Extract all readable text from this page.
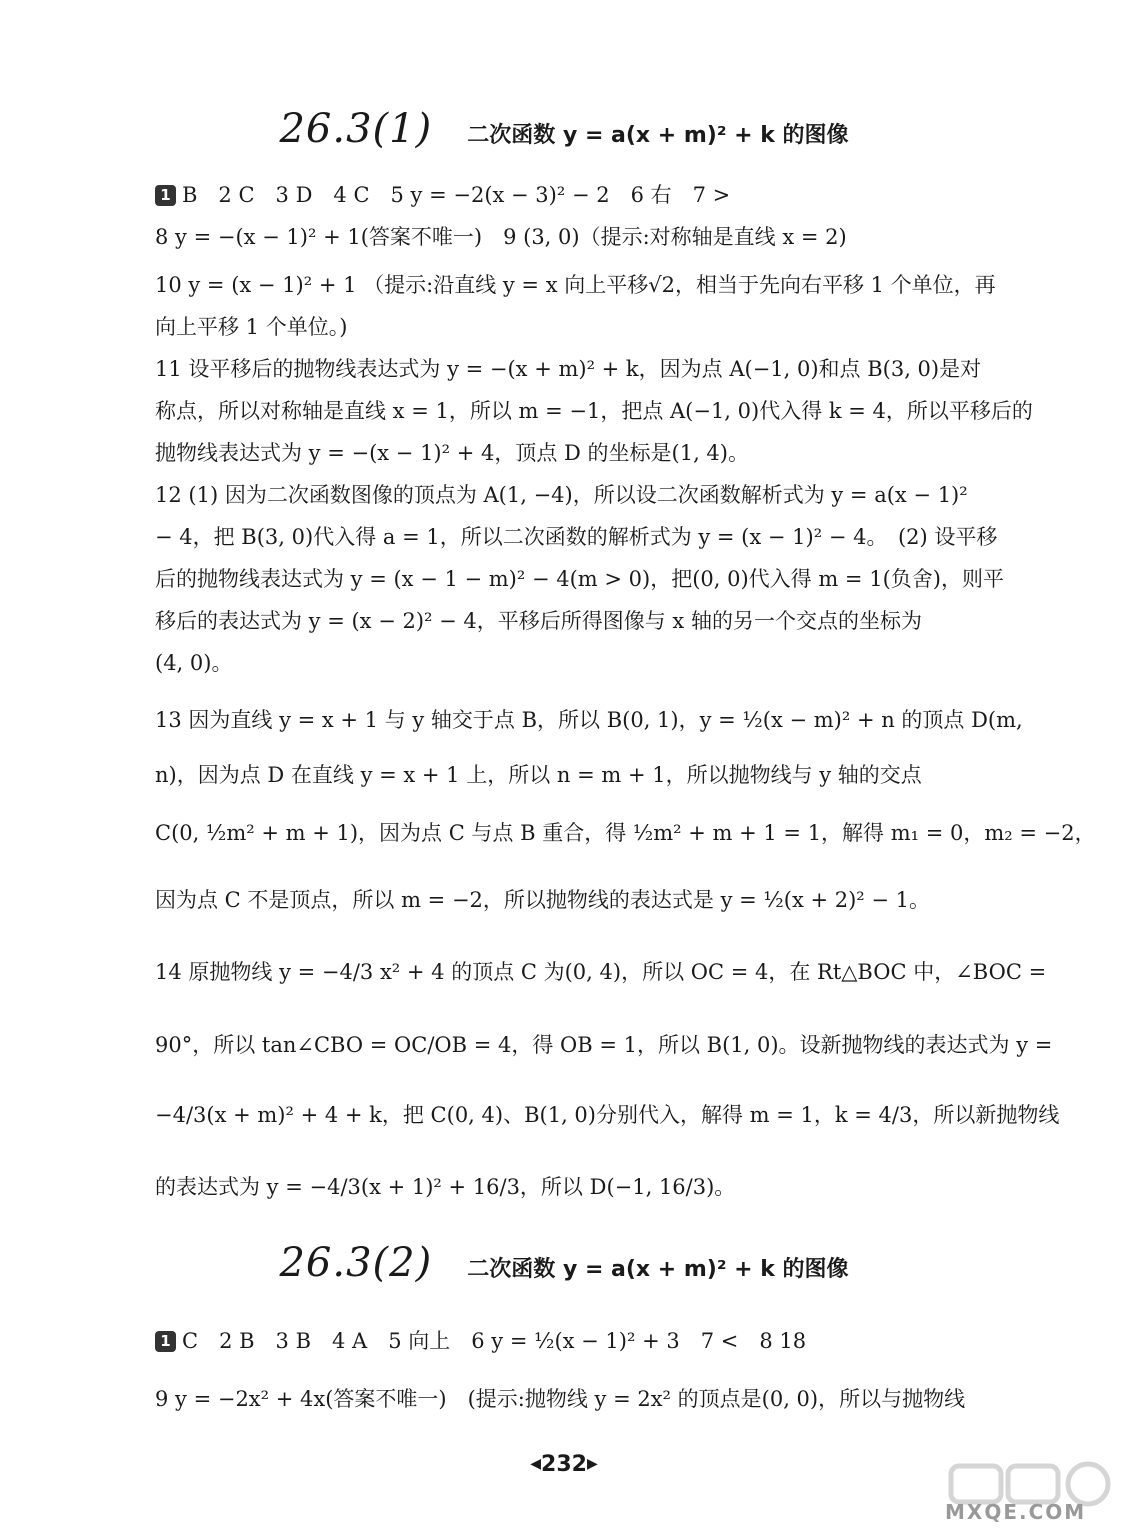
26.3(1) 二次函数 y = a(x + m)² + k 的图像
1 B　2 C　3 D　4 C　5 y = −2(x − 3)² − 2　6 右　7 >
8 y = −(x − 1)² + 1(答案不唯一)　9 (3, 0)（提示:对称轴是直线 x = 2)
10 y = (x − 1)² + 1 （提示:沿直线 y = x 向上平移√2，相当于先向右平移 1 个单位，再
向上平移 1 个单位。)
11 设平移后的抛物线表达式为 y = −(x + m)² + k，因为点 A(−1, 0)和点 B(3, 0)是对
称点，所以对称轴是直线 x = 1，所以 m = −1，把点 A(−1, 0)代入得 k = 4，所以平移后的
抛物线表达式为 y = −(x − 1)² + 4，顶点 D 的坐标是(1, 4)。
12 (1) 因为二次函数图像的顶点为 A(1, −4)，所以设二次函数解析式为 y = a(x − 1)²
− 4，把 B(3, 0)代入得 a = 1，所以二次函数的解析式为 y = (x − 1)² − 4。　(2) 设平移
后的抛物线表达式为 y = (x − 1 − m)² − 4(m > 0)，把(0, 0)代入得 m = 1(负舍)，则平
移后的表达式为 y = (x − 2)² − 4，平移后所得图像与 x 轴的另一个交点的坐标为
(4, 0)。
13 因为直线 y = x + 1 与 y 轴交于点 B，所以 B(0, 1)，y = ½(x − m)² + n 的顶点 D(m,
n)，因为点 D 在直线 y = x + 1 上，所以 n = m + 1，所以抛物线与 y 轴的交点
C(0, ½m² + m + 1)，因为点 C 与点 B 重合，得 ½m² + m + 1 = 1，解得 m₁ = 0，m₂ = −2，
因为点 C 不是顶点，所以 m = −2，所以抛物线的表达式是 y = ½(x + 2)² − 1。
14 原抛物线 y = −4/3 x² + 4 的顶点 C 为(0, 4)，所以 OC = 4，在 Rt△BOC 中，∠BOC =
90°，所以 tan∠CBO = OC/OB = 4，得 OB = 1，所以 B(1, 0)。设新抛物线的表达式为 y =
−4/3(x + m)² + 4 + k，把 C(0, 4)、B(1, 0)分别代入，解得 m = 1，k = 4/3，所以新抛物线
的表达式为 y = −4/3(x + 1)² + 16/3，所以 D(−1, 16/3)。
26.3(2) 二次函数 y = a(x + m)² + k 的图像
1 C　2 B　3 B　4 A　5 向上　6 y = ½(x − 1)² + 3　7 <　8 18
9 y = −2x² + 4x(答案不唯一)　(提示:抛物线 y = 2x² 的顶点是(0, 0)，所以与抛物线
◀232▶
MXQE.COM
